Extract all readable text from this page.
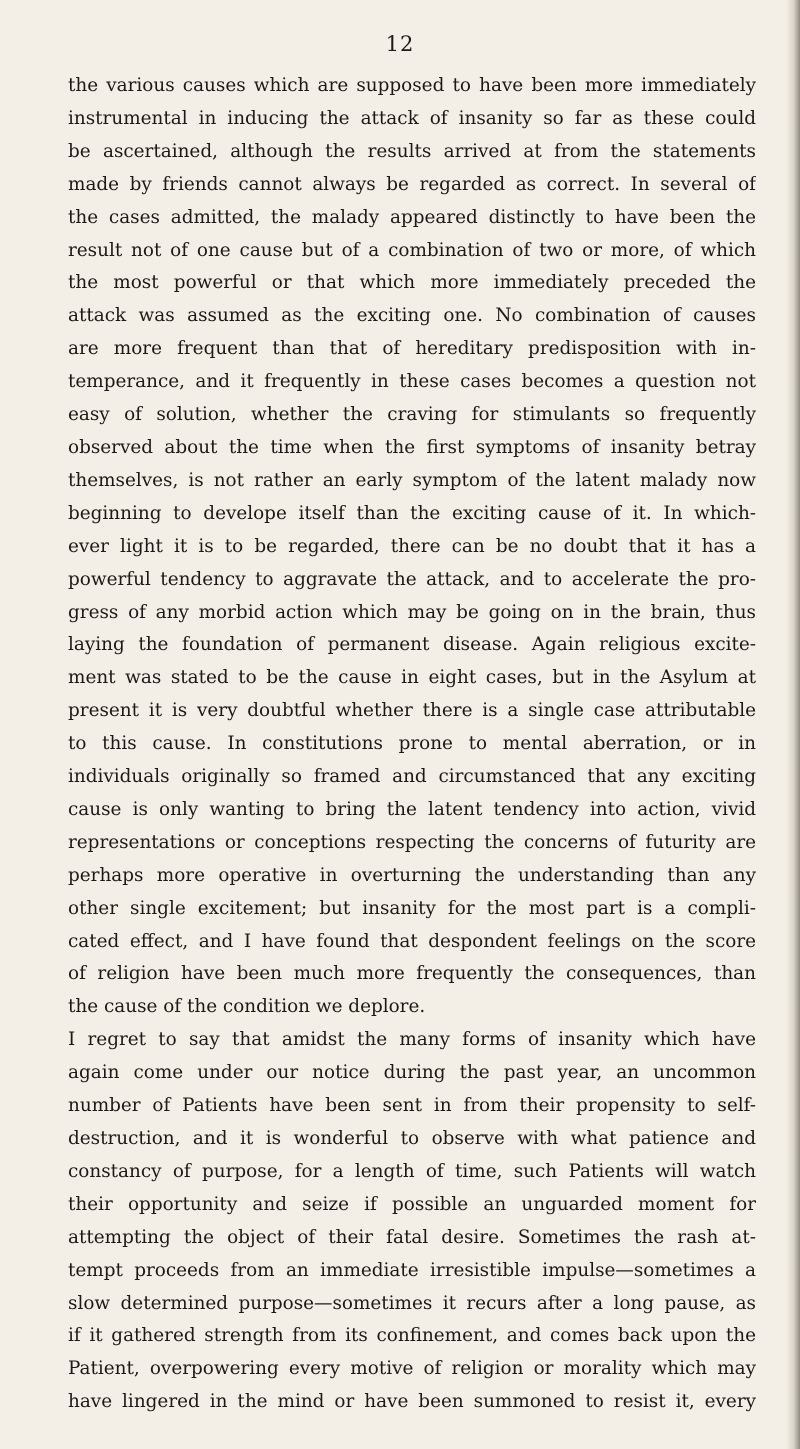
12
the various causes which are supposed to have been more immediately
instrumental in inducing the attack of insanity so far as these could
be ascertained, although the results arrived at from the statements
made by friends cannot always be regarded as correct. In several of
the cases admitted, the malady appeared distinctly to have been the
result not of one cause but of a combination of two or more, of which
the most powerful or that which more immediately preceded the
attack was assumed as the exciting one. No combination of causes
are more frequent than that of hereditary predisposition with in-
temperance, and it frequently in these cases becomes a question not
easy of solution, whether the craving for stimulants so frequently
observed about the time when the first symptoms of insanity betray
themselves, is not rather an early symptom of the latent malady now
beginning to develope itself than the exciting cause of it. In which-
ever light it is to be regarded, there can be no doubt that it has a
powerful tendency to aggravate the attack, and to accelerate the pro-
gress of any morbid action which may be going on in the brain, thus
laying the foundation of permanent disease. Again religious excite-
ment was stated to be the cause in eight cases, but in the Asylum at
present it is very doubtful whether there is a single case attributable
to this cause. In constitutions prone to mental aberration, or in
individuals originally so framed and circumstanced that any exciting
cause is only wanting to bring the latent tendency into action, vivid
representations or conceptions respecting the concerns of futurity are
perhaps more operative in overturning the understanding than any
other single excitement; but insanity for the most part is a compli-
cated effect, and I have found that despondent feelings on the score
of religion have been much more frequently the consequences, than
the cause of the condition we deplore.
I regret to say that amidst the many forms of insanity which have
again come under our notice during the past year, an uncommon
number of Patients have been sent in from their propensity to self-
destruction, and it is wonderful to observe with what patience and
constancy of purpose, for a length of time, such Patients will watch
their opportunity and seize if possible an unguarded moment for
attempting the object of their fatal desire. Sometimes the rash at-
tempt proceeds from an immediate irresistible impulse—sometimes a
slow determined purpose—sometimes it recurs after a long pause, as
if it gathered strength from its confinement, and comes back upon the
Patient, overpowering every motive of religion or morality which may
have lingered in the mind or have been summoned to resist it, every
